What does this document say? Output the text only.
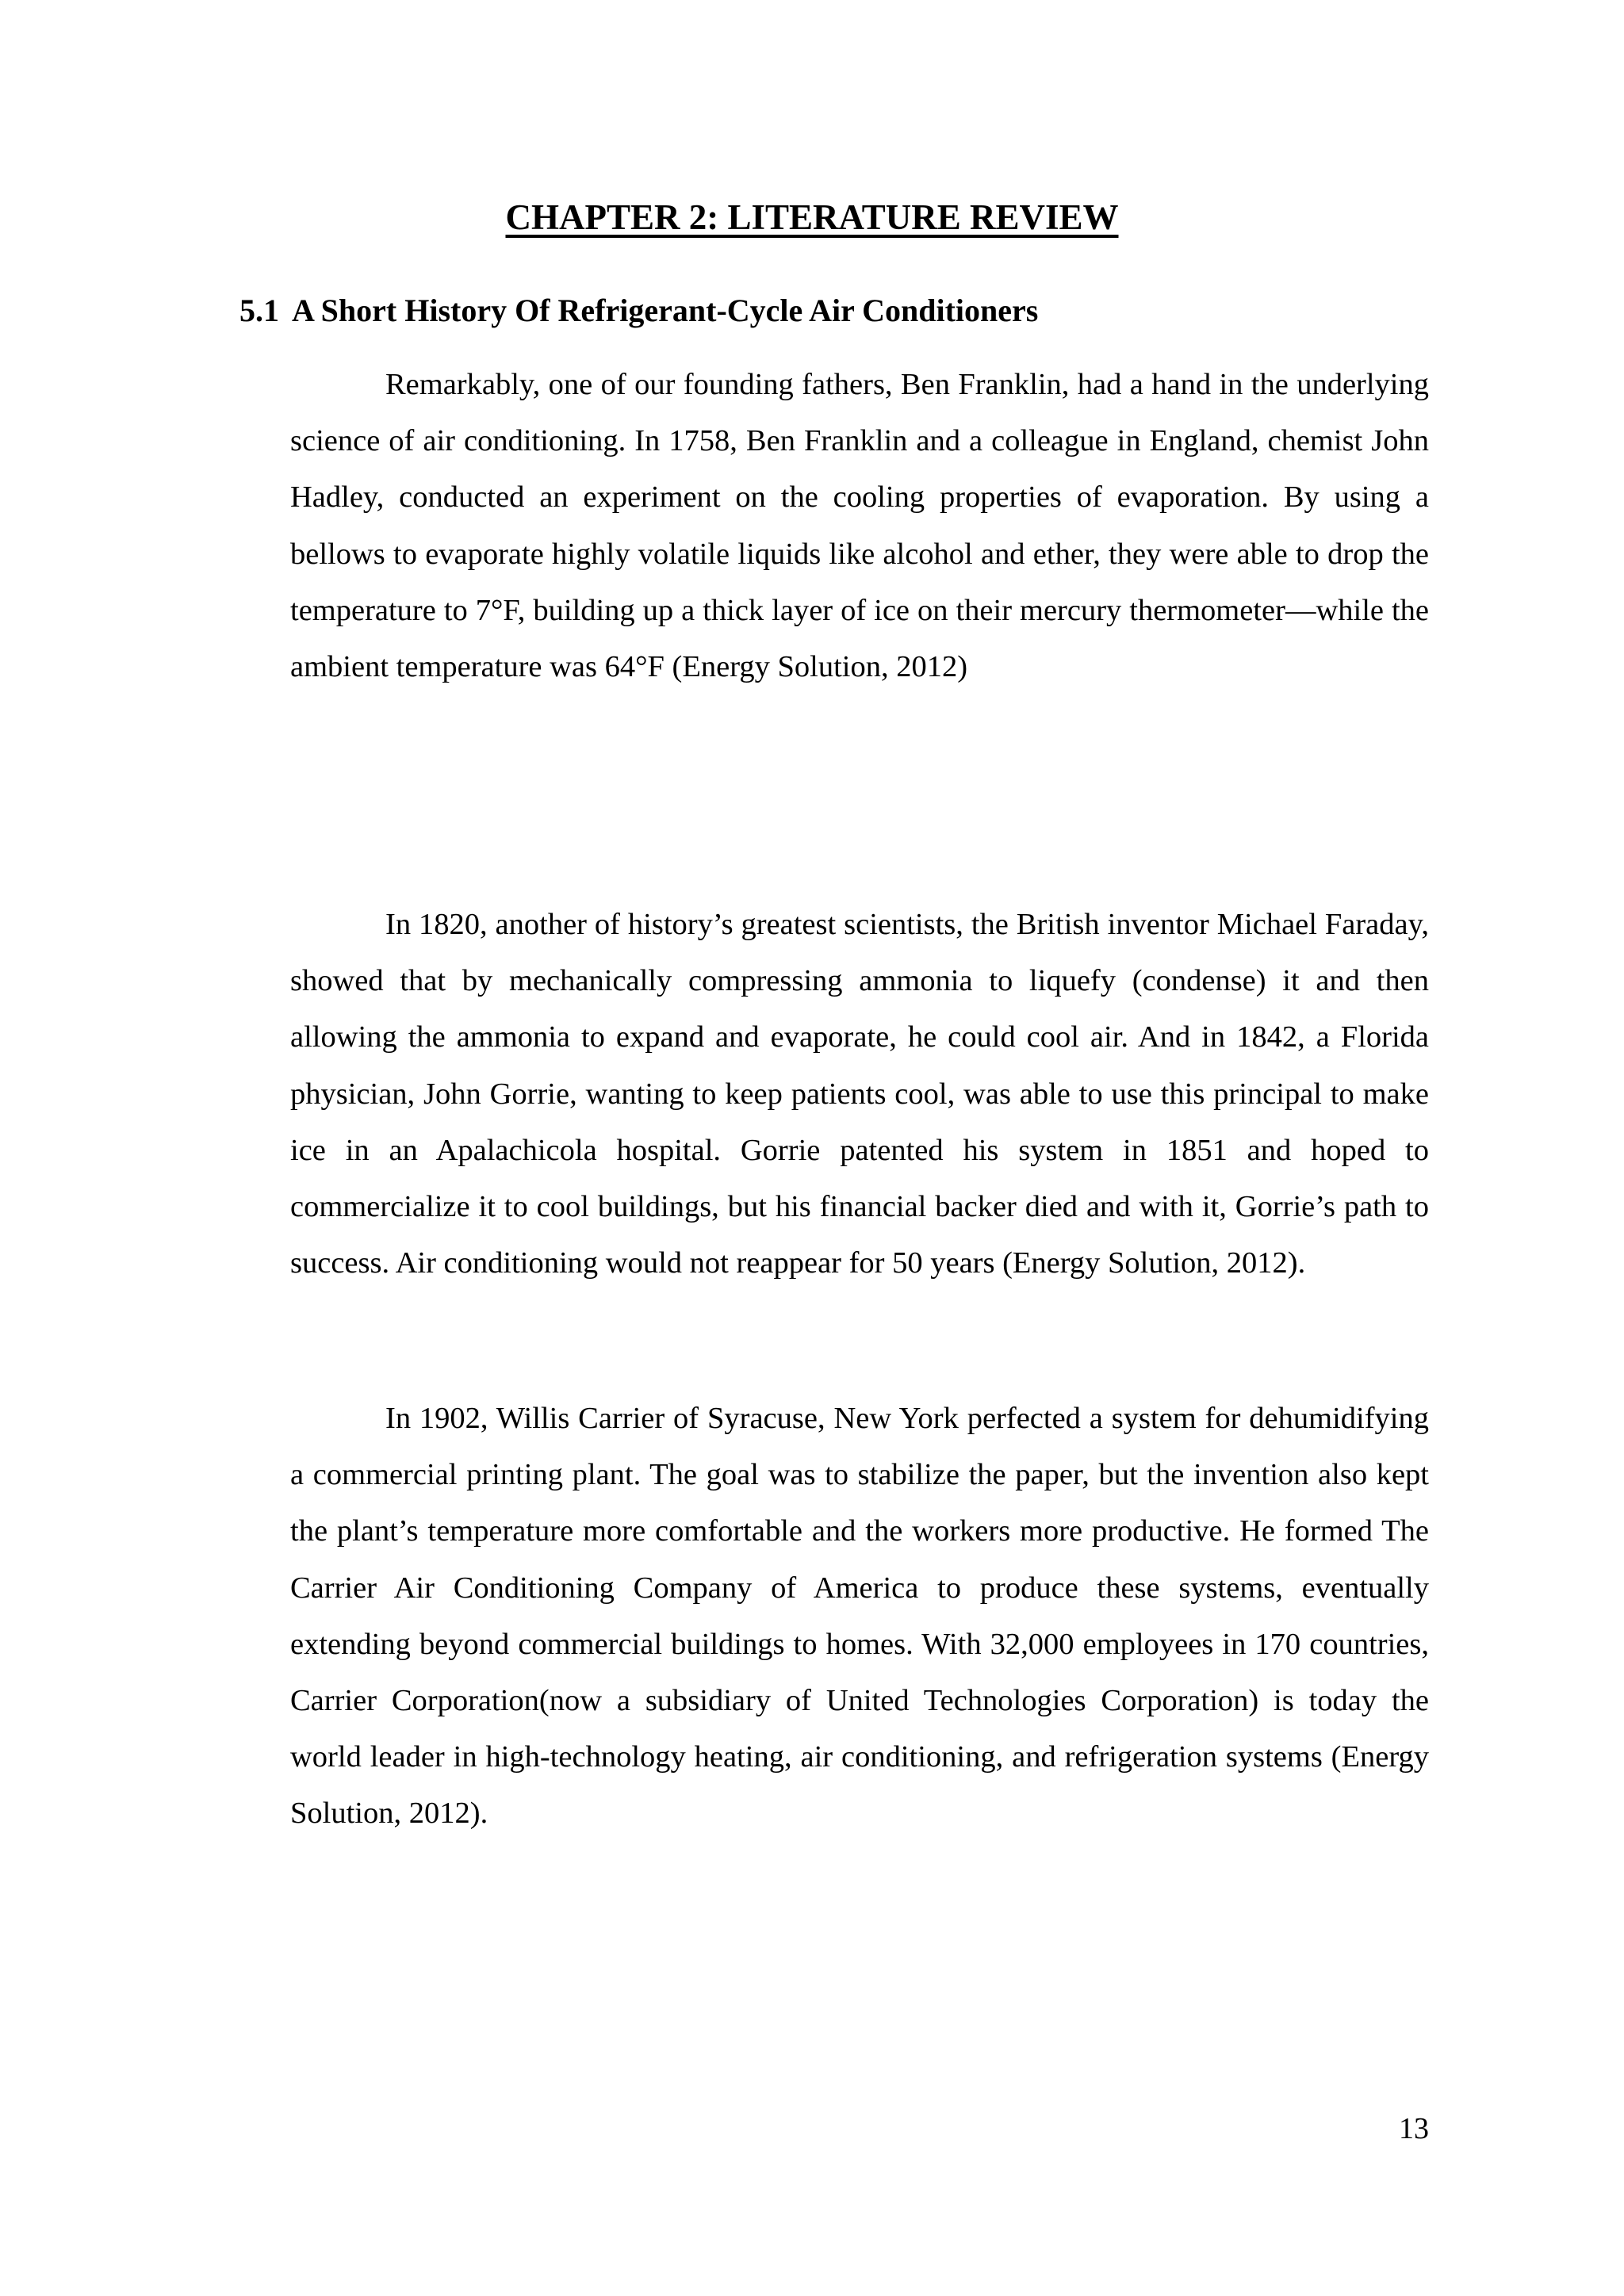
CHAPTER 2: LITERATURE REVIEW
5.1 A Short History Of Refrigerant-Cycle Air Conditioners

Remarkably, one of our founding fathers, Ben Franklin, had a hand in the underlying science of air conditioning. In 1758, Ben Franklin and a colleague in England, chemist John Hadley, conducted an experiment on the cooling properties of evaporation. By using a bellows to evaporate highly volatile liquids like alcohol and ether, they were able to drop the temperature to 7°F, building up a thick layer of ice on their mercury thermometer—while the ambient temperature was 64°F (Energy Solution, 2012)

In 1820, another of history’s greatest scientists, the British inventor Michael Faraday, showed that by mechanically compressing ammonia to liquefy (condense) it and then allowing the ammonia to expand and evaporate, he could cool air. And in 1842, a Florida physician, John Gorrie, wanting to keep patients cool, was able to use this principal to make ice in an Apalachicola hospital. Gorrie patented his system in 1851 and hoped to commercialize it to cool buildings, but his financial backer died and with it, Gorrie’s path to success. Air conditioning would not reappear for 50 years (Energy Solution, 2012).

In 1902, Willis Carrier of Syracuse, New York perfected a system for dehumidifying a commercial printing plant. The goal was to stabilize the paper, but the invention also kept the plant’s temperature more comfortable and the workers more productive. He formed The Carrier Air Conditioning Company of America to produce these systems, eventually extending beyond commercial buildings to homes. With 32,000 employees in 170 countries, Carrier Corporation(now a subsidiary of United Technologies Corporation) is today the world leader in high-technology heating, air conditioning, and refrigeration systems (Energy Solution, 2012).

13
